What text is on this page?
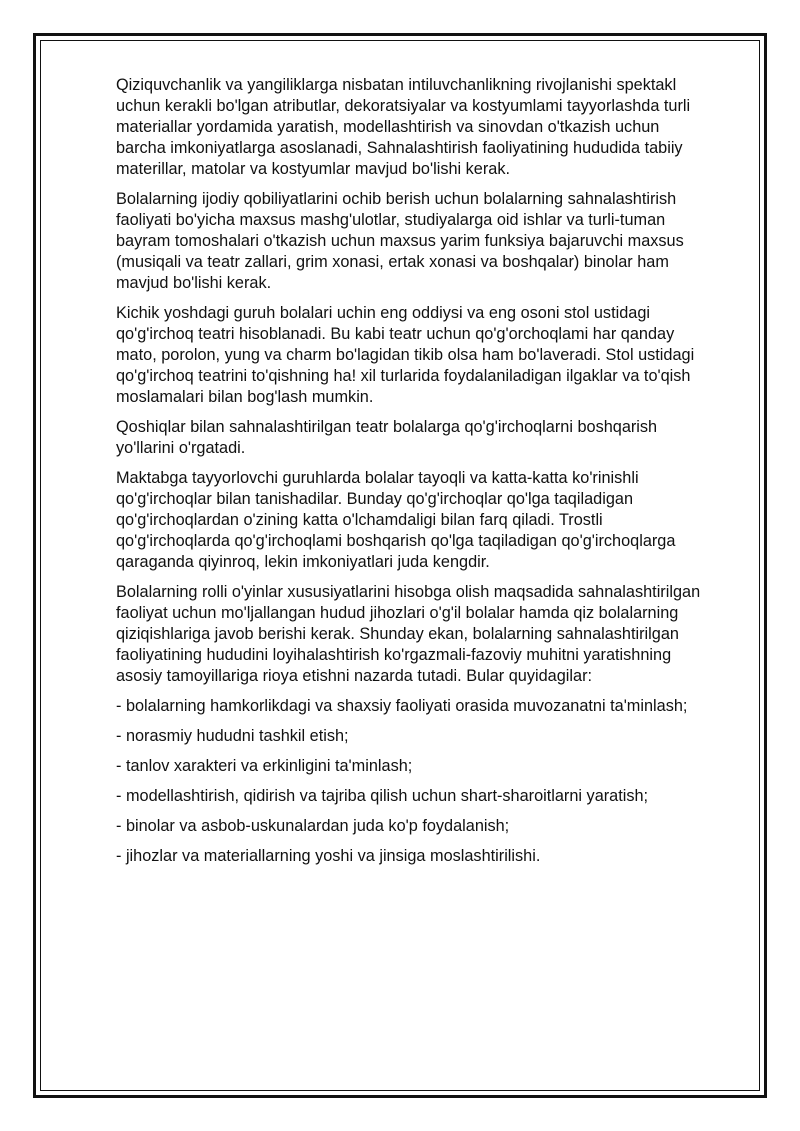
Qiziquvchanlik va yangiliklarga nisbatan intiluvchanlikning rivojlanishi spektakl uchun kerakli bo'lgan atributlar, dekoratsiyalar va kostyumlami tayyorlashda turli materiallar yordamida yaratish, modellashtirish va sinovdan o'tkazish uchun barcha imkoniyatlarga asoslanadi, Sahnalashtirish faoliyatining hududida tabiiy materillar, matolar va kostyumlar mavjud bo'lishi kerak.

Bolalarning ijodiy qobiliyatlarini ochib berish uchun bolalarning sahnalashtirish faoliyati bo'yicha maxsus mashg'ulotlar, studiyalarga oid ishlar va turli-tuman bayram tomoshalari o'tkazish uchun maxsus yarim funksiya bajaruvchi maxsus (musiqali va teatr zallari, grim xonasi, ertak xonasi va boshqalar) binolar ham mavjud bo'lishi kerak.

Kichik yoshdagi guruh bolalari uchin eng oddiysi va eng osoni stol ustidagi qo'g'irchoq teatri hisoblanadi. Bu kabi teatr uchun qo'g'orchoqlami har qanday mato, porolon, yung va charm bo'lagidan tikib olsa ham bo'laveradi. Stol ustidagi qo'g'irchoq teatrini to'qishning ha! xil turlarida foydalaniladigan ilgaklar va to'qish moslamalari bilan bog'lash mumkin.

Qoshiqlar bilan sahnalashtirilgan teatr bolalarga qo'g'irchoqlarni boshqarish yo'llarini o'rgatadi.

Maktabga tayyorlovchi guruhlarda bolalar tayoqli va katta-katta ko'rinishli qo'g'irchoqlar bilan tanishadilar. Bunday qo'g'irchoqlar qo'lga taqiladigan qo'g'irchoqlardan o'zining katta o'lchamdaligi bilan farq qiladi. Trostli qo'g'irchoqlarda qo'g'irchoqlami boshqarish qo'lga taqiladigan qo'g'irchoqlarga qaraganda qiyinroq, lekin imkoniyatlari juda kengdir.

Bolalarning rolli o'yinlar xususiyatlarini hisobga olish maqsadida sahnalashtirilgan faoliyat uchun mo'ljallangan hudud jihozlari o'g'il bolalar hamda qiz bolalarning qiziqishlariga javob berishi kerak. Shunday ekan, bolalarning sahnalashtirilgan faoliyatining hududini loyihalashtirish ko'rgazmali-fazoviy muhitni yaratishning asosiy tamoyillariga rioya etishni nazarda tutadi. Bular quyidagilar:

- bolalarning hamkorlikdagi va shaxsiy faoliyati orasida muvozanatni ta'minlash;

- norasmiy hududni tashkil etish;

- tanlov xarakteri va erkinligini ta'minlash;

- modellashtirish, qidirish va tajriba qilish uchun shart-sharoitlarni yaratish;

- binolar va asbob-uskunalardan juda ko'p foydalanish;

- jihozlar va materiallarning yoshi va jinsiga moslashtirilishi.
